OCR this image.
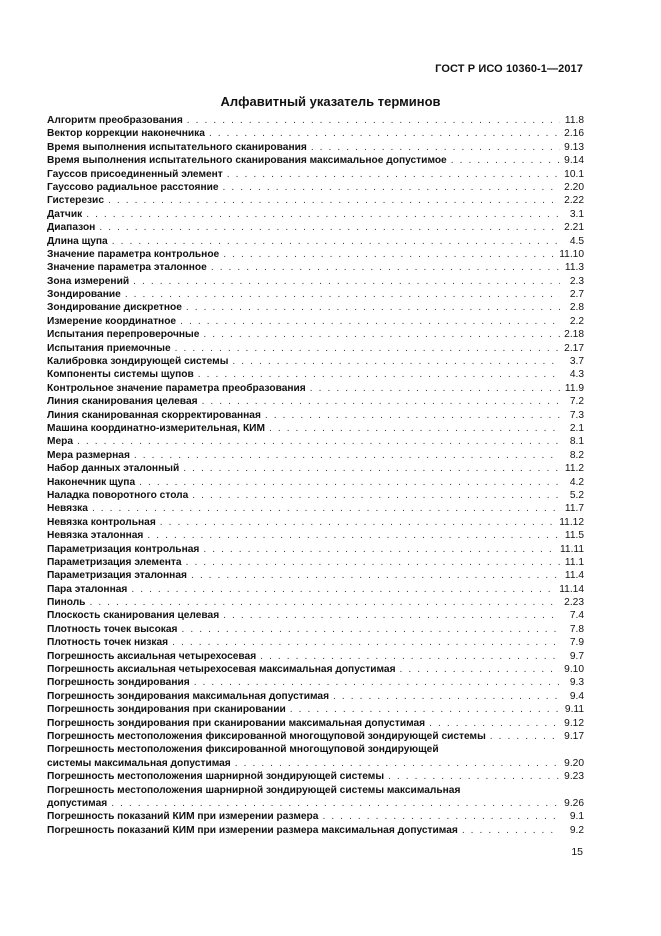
ГОСТ Р ИСО 10360-1—2017
Алфавитный указатель терминов
Алгоритм преобразования . . .	11.8
Вектор коррекции наконечника . . .	2.16
Время выполнения испытательного сканирования . . .	9.13
Время выполнения испытательного сканирования максимальное допустимое . . .	9.14
Гауссов присоединенный элемент . . .	10.1
Гауссово радиальное расстояние . . .	2.20
Гистерезис . . .	2.22
Датчик . . .	3.1
Диапазон . . .	2.21
Длина щупа . . .	4.5
Значение параметра контрольное . . .	11.10
Значение параметра эталонное . . .	11.3
Зона измерений . . .	2.3
Зондирование . . .	2.7
Зондирование дискретное . . .	2.8
Измерение координатное . . .	2.2
Испытания перепроверочные . . .	2.18
Испытания приемочные . . .	2.17
Калибровка зондирующей системы . . .	3.7
Компоненты системы щупов . . .	4.3
Контрольное значение параметра преобразования . . .	11.9
Линия сканирования целевая . . .	7.2
Линия сканированная скорректированная . . .	7.3
Машина координатно-измерительная, КИМ . . .	2.1
Мера . . .	8.1
Мера размерная . . .	8.2
Набор данных эталонный . . .	11.2
Наконечник щупа . . .	4.2
Наладка поворотного стола . . .	5.2
Невязка . . .	11.7
Невязка контрольная . . .	11.12
Невязка эталонная . . .	11.5
Параметризация контрольная . . .	11.11
Параметризация элемента . . .	11.1
Параметризация эталонная . . .	11.4
Пара эталонная . . .	11.14
Пиноль . . .	2.23
Плоскость сканирования целевая . . .	7.4
Плотность точек высокая . . .	7.8
Плотность точек низкая . . .	7.9
Погрешность аксиальная четырехосевая . . .	9.7
Погрешность аксиальная четырехосевая максимальная допустимая . . .	9.10
Погрешность зондирования . . .	9.3
Погрешность зондирования максимальная допустимая . . .	9.4
Погрешность зондирования при сканировании . . .	9.11
Погрешность зондирования при сканировании максимальная допустимая . . .	9.12
Погрешность местоположения фиксированной многощуповой зондирующей системы . . .	9.17
Погрешность местоположения фиксированной многощуповой зондирующей
системы максимальная допустимая . . .	9.20
Погрешность местоположения шарнирной зондирующей системы . . .	9.23
Погрешность местоположения шарнирной зондирующей системы максимальная
допустимая . . .	9.26
Погрешность показаний КИМ при измерении размера . . .	9.1
Погрешность показаний КИМ при измерении размера максимальная допустимая . . .	9.2
15
